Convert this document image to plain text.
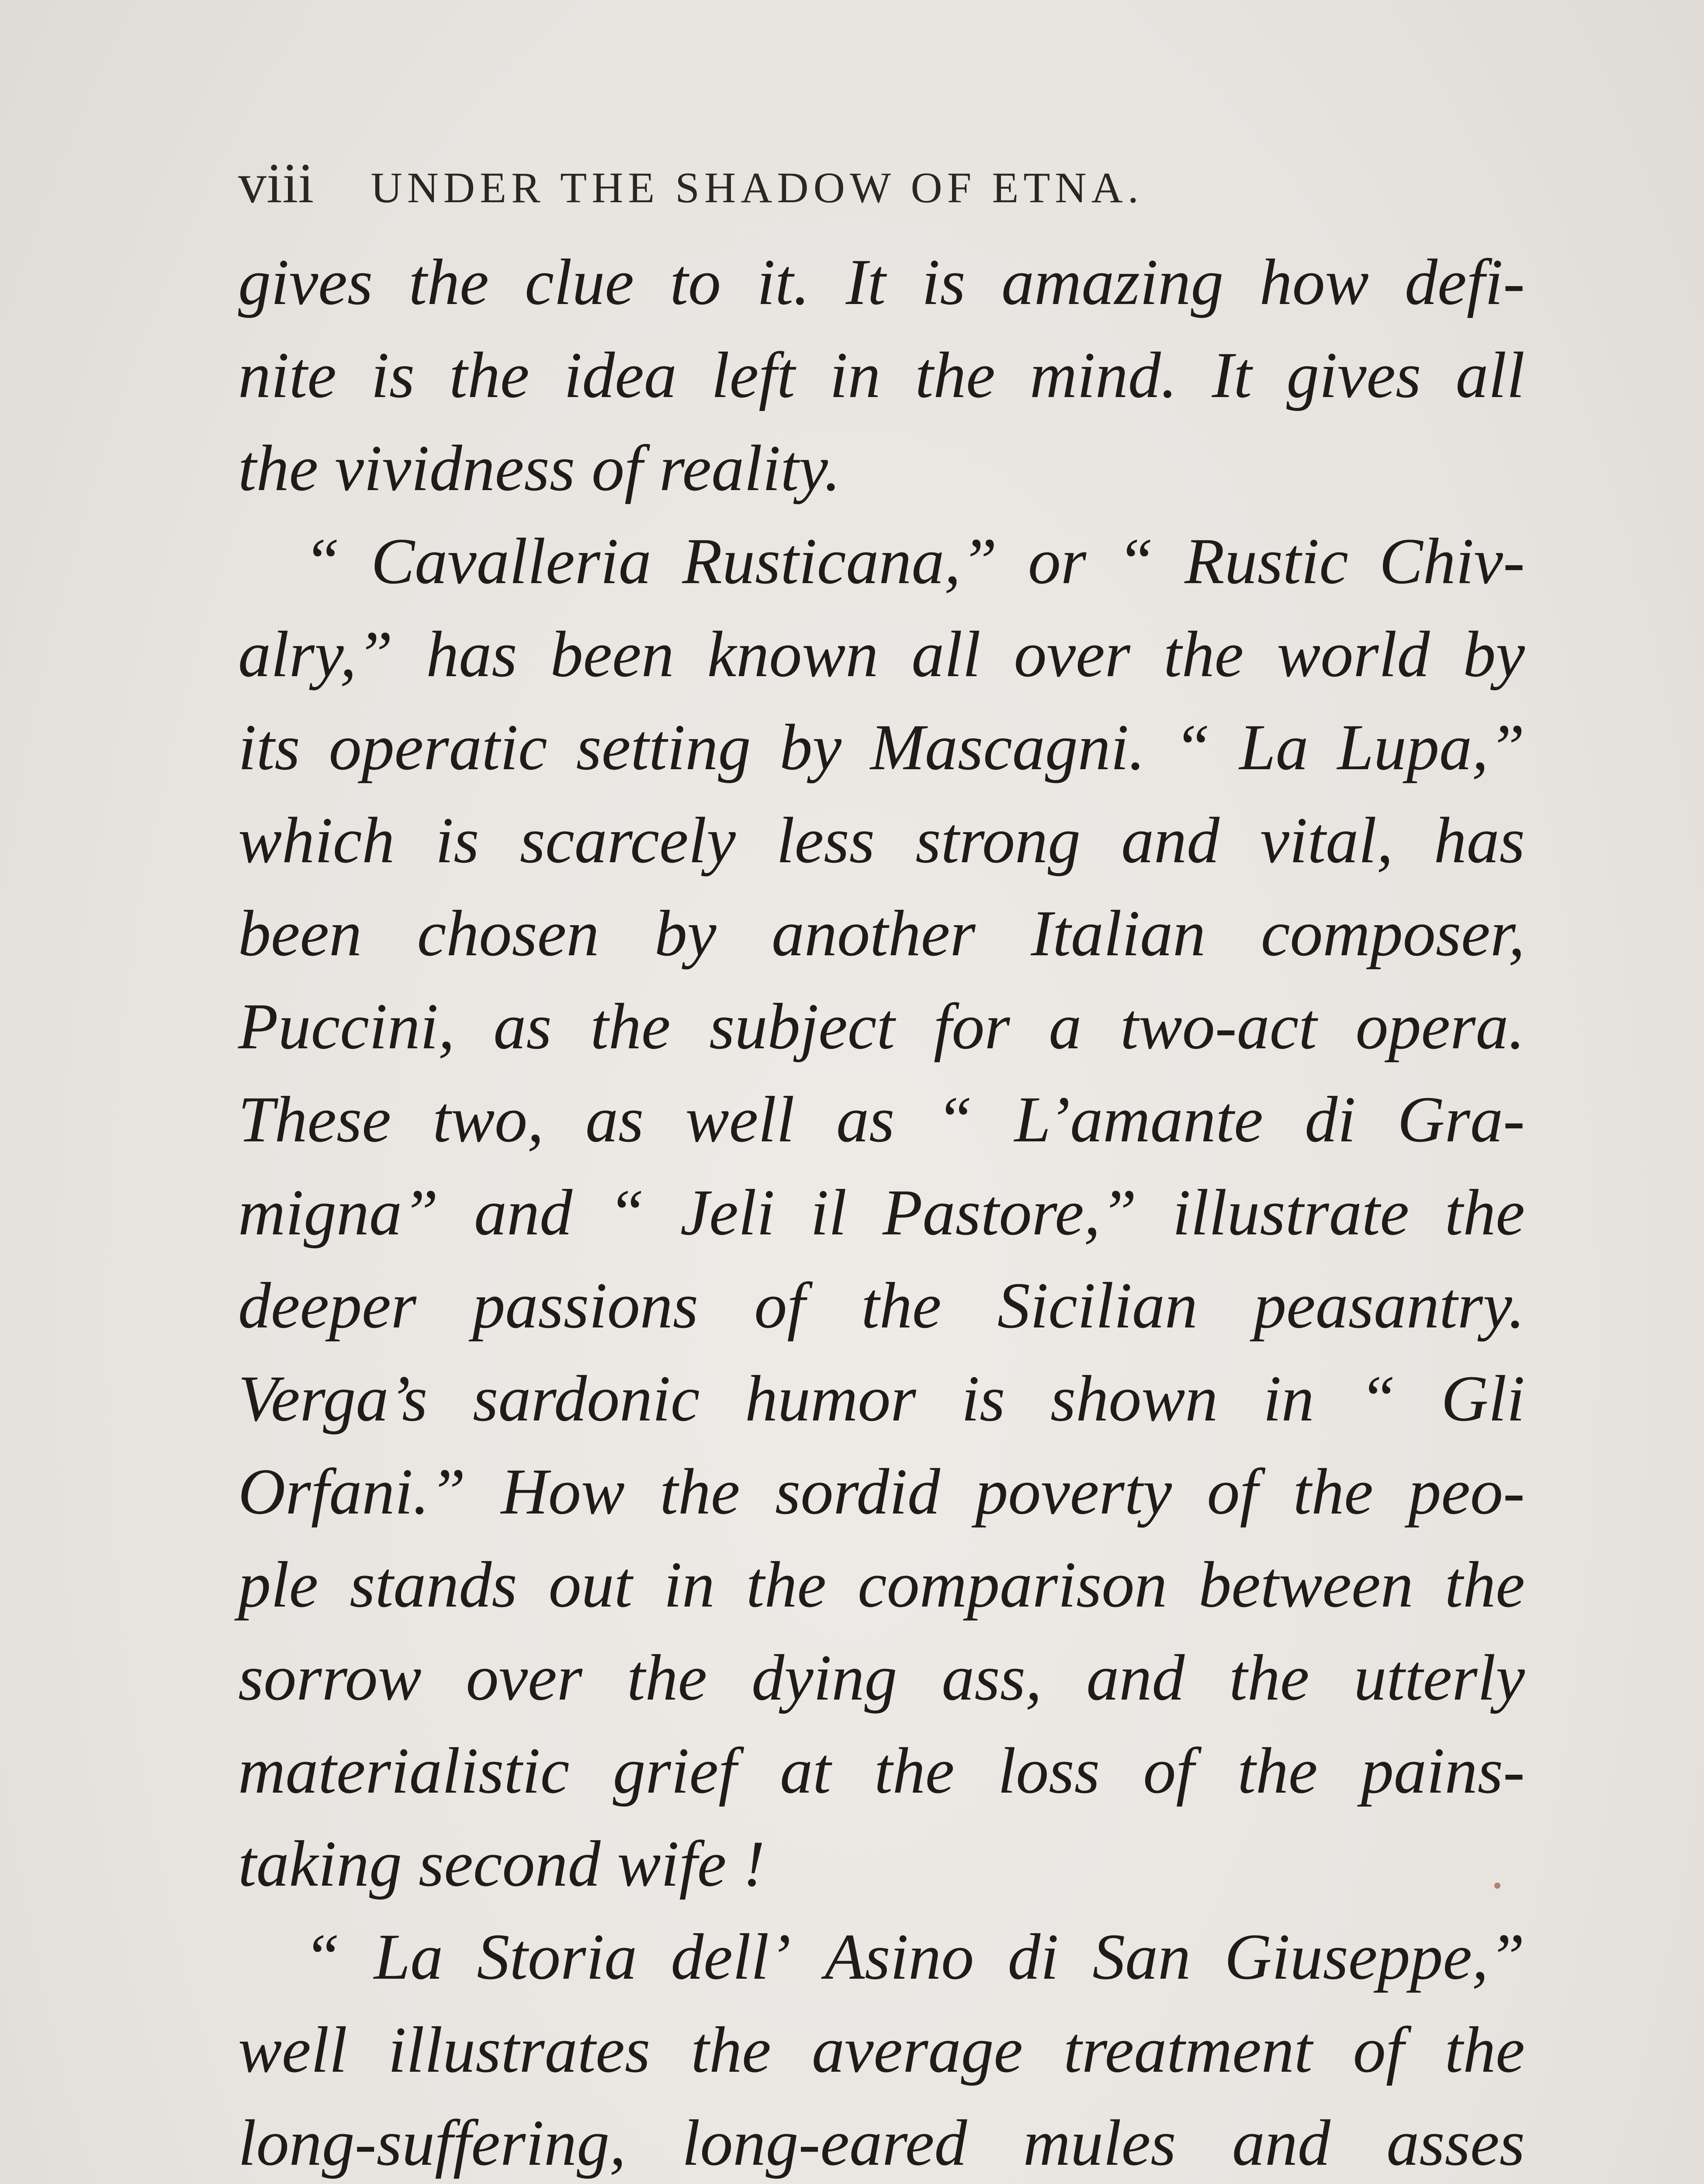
viii UNDER THE SHADOW OF ETNA.
gives the clue to it. It is amazing how defi-
nite is the idea left in the mind. It gives all
the vividness of reality.
“ Cavalleria Rusticana,” or “ Rustic Chiv-
alry,” has been known all over the world by
its operatic setting by Mascagni. “ La Lupa,”
which is scarcely less strong and vital, has
been chosen by another Italian composer,
Puccini, as the subject for a two-act opera.
These two, as well as “ L’amante di Gra-
migna” and “ Jeli il Pastore,” illustrate the
deeper passions of the Sicilian peasantry.
Verga’s sardonic humor is shown in “ Gli
Orfani.” How the sordid poverty of the peo-
ple stands out in the comparison between the
sorrow over the dying ass, and the utterly
materialistic grief at the loss of the pains-
taking second wife !
“ La Storia dell’ Asino di San Giuseppe,”
well illustrates the average treatment of the
long-suffering, long-eared mules and asses
